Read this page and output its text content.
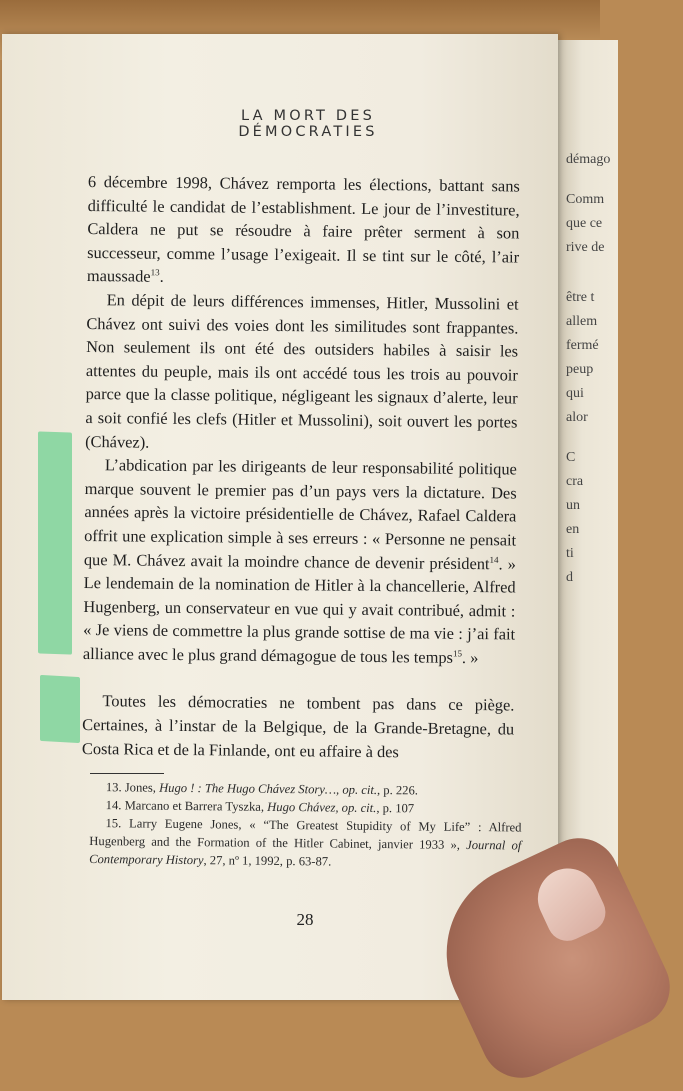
démago
Comm
que ce
rive de
être t
allem
fermé
peup
qui
alor
C
cra
un
en
ti
d
LA MORT DES DÉMOCRATIES

6 décembre 1998, Chávez remporta les élections, battant sans difficulté le candidat de l’establishment. Le jour de l’investiture, Caldera ne put se résoudre à faire prêter serment à son successeur, comme l’usage l’exigeait. Il se tint sur le côté, l’air maussade$^{13}$.

En dépit de leurs différences immenses, Hitler, Mussolini et Chávez ont suivi des voies dont les similitudes sont frappantes. Non seulement ils ont été des outsiders habiles à saisir les attentes du peuple, mais ils ont accédé tous les trois au pouvoir parce que la classe politique, négligeant les signaux d’alerte, leur a soit confié les clefs (Hitler et Mussolini), soit ouvert les portes (Chávez).

L’abdication par les dirigeants de leur responsabilité politique marque souvent le premier pas d’un pays vers la dictature. Des années après la victoire présidentielle de Chávez, Rafael Caldera offrit une explication simple à ses erreurs : « Personne ne pensait que M. Chávez avait la moindre chance de devenir président$^{14}$. » Le lendemain de la nomination de Hitler à la chancellerie, Alfred Hugenberg, un conservateur en vue qui y avait contribué, admit : « Je viens de commettre la plus grande sottise de ma vie : j’ai fait alliance avec le plus grand démagogue de tous les temps$^{15}$. »

Toutes les démocraties ne tombent pas dans ce piège. Certaines, à l’instar de la Belgique, de la Grande-Bretagne, du Costa Rica et de la Finlande, ont eu affaire à des

13. Jones, Hugo ! : The Hugo Chávez Story…, op. cit., p. 226.

14. Marcano et Barrera Tyszka, Hugo Chávez, op. cit., p. 107

15. Larry Eugene Jones, « “The Greatest Stupidity of My Life” : Alfred Hugenberg and the Formation of the Hitler Cabinet, janvier 1933 », Journal of Contemporary History, 27, nº 1, 1992, p. 63-87.

28
